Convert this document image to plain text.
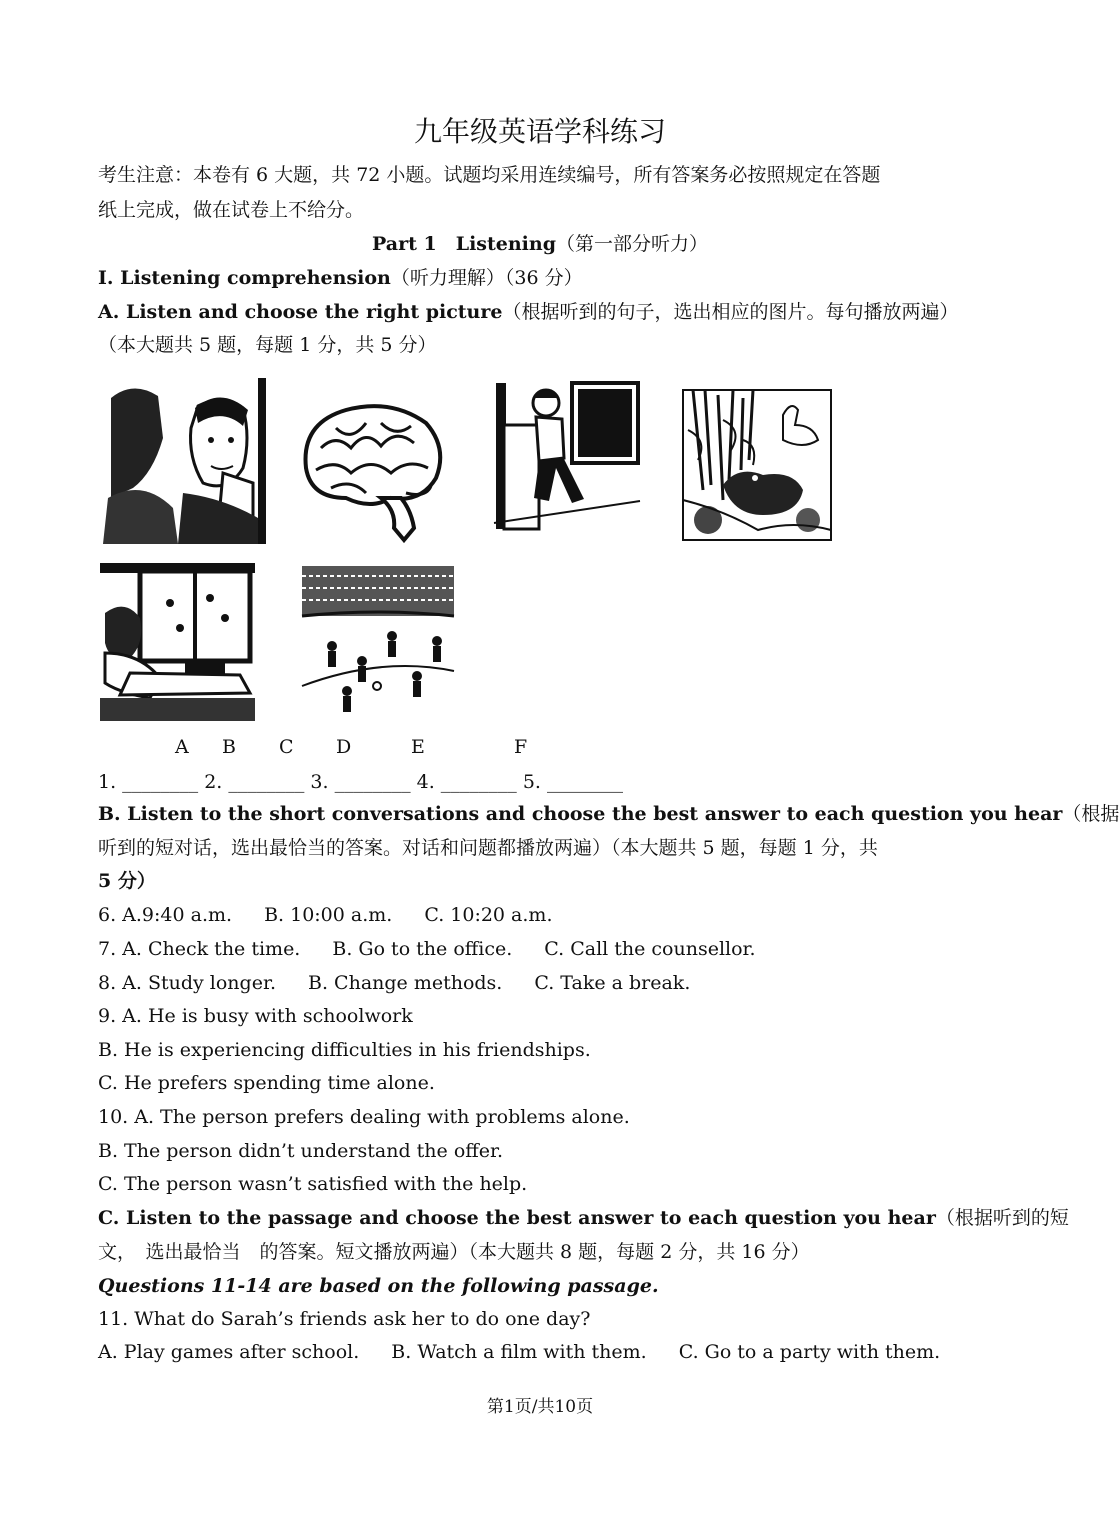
九年级英语学科练习
考生注意：本卷有 6 大题，共 72 小题。试题均采用连续编号，所有答案务必按照规定在答题
纸上完成，做在试卷上不给分。
Part 1　Listening（第一部分听力）
I. Listening comprehension（听力理解）（36 分）
A. Listen and choose the right picture（根据听到的句子，选出相应的图片。每句播放两遍）
（本大题共 5 题，每题 1 分，共 5 分）
A B C D	E	F
1. ________ 2. ________ 3. ________ 4. ________ 5. ________
B. Listen to the short conversations and choose the best answer to each question you hear（根据
听到的短对话，选出最恰当的答案。对话和问题都播放两遍）（本大题共 5 题，每题 1 分，共
5 分）
6. A.9:40 a.m. B. 10:00 a.m. C. 10:20 a.m.
7. A. Check the time. B. Go to the office. C. Call the counsellor.
8. A. Study longer. B. Change methods. C. Take a break.
9. A. He is busy with schoolwork
B. He is experiencing difficulties in his friendships.
C. He prefers spending time alone.
10. A. The person prefers dealing with problems alone.
B. The person didn’t understand the offer.
C. The person wasn’t satisfied with the help.
C. Listen to the passage and choose the best answer to each question you hear（根据听到的短
文，　选出最恰当　的答案。短文播放两遍）（本大题共 8 题，每题 2 分，共 16 分）
Questions 11-14 are based on the following passage.
11. What do Sarah’s friends ask her to do one day?
A. Play games after school. B. Watch a film with them. C. Go to a party with them.
第1页/共10页
